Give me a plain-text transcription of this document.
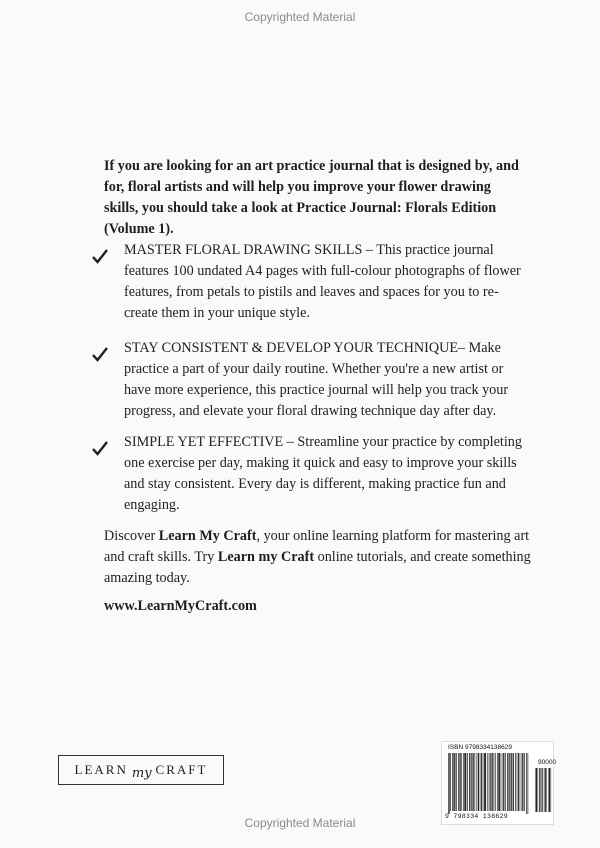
Copyrighted Material

If you are looking for an art practice journal that is designed by, and for, floral artists and will help you improve your flower drawing skills, you should take a look at Practice Journal: Florals Edition (Volume 1).

MASTER FLORAL DRAWING SKILLS – This practice journal features 100 undated A4 pages with full-colour photographs of flower features, from petals to pistils and leaves and spaces for you to re-create them in your unique style.

STAY CONSISTENT & DEVELOP YOUR TECHNIQUE– Make practice a part of your daily routine. Whether you're a new artist or have more experience, this practice journal will help you track your progress, and elevate your floral drawing technique day after day.

SIMPLE YET EFFECTIVE – Streamline your practice by completing one exercise per day, making it quick and easy to improve your skills and stay consistent. Every day is different, making practice fun and engaging.

Discover Learn My Craft, your online learning platform for mastering art and craft skills. Try Learn my Craft online tutorials, and create something amazing today.

www.LearnMyCraft.com

LEARN my CRAFT
ISBN 9798334138629
90000
9 798334 138629
Copyrighted Material
